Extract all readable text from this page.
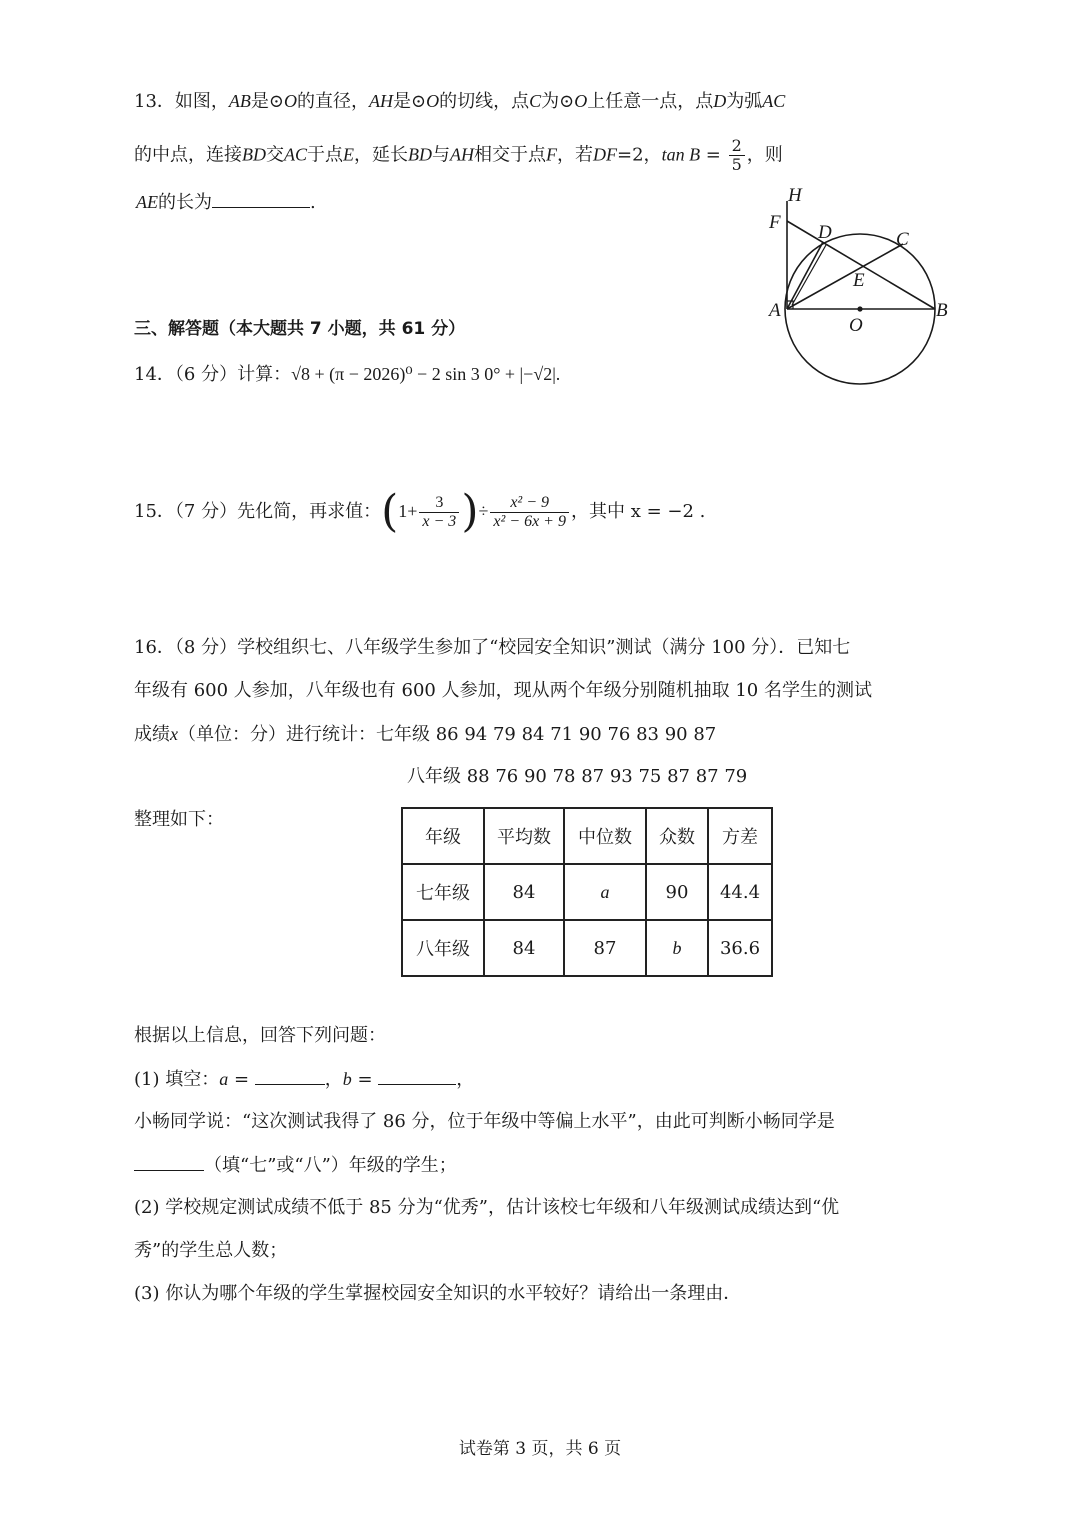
13．如图，AB是⊙O的直径，AH是⊙O的切线，点C为⊙O上任意一点，点D为弧AC
的中点，连接BD交AC于点E，延长BD与AH相交于点F，若DF=2，$\tan B = \frac{2}{5}$ ，则
AE的长为	.	H
F D	C
E
A
O
B
三、解答题（本大题共 7 小题，共 61 分）
14．（6 分）计算：√8 + (π − 2026)⁰ − 2 sin 3 0° + |−√2|.
15．（7 分）先化简，再求值：($1+ \frac{3}{x - 3}$ )÷ $\frac{\text{x² − 9}}{\text{x² − 6x + 9}}$ ，其中 x = −2 .
16．（8 分）学校组织七、八年级学生参加了“校园安全知识”测试（满分 100 分）．已知七
年级有 600 人参加，八年级也有 600 人参加，现从两个年级分别随机抽取 10 名学生的测试
成绩x（单位：分）进行统计：七年级 86 94 79 84 71 90 76 83 90 87
八年级 88 76 90 78 87 93 75 87 87 79
整理如下：
年级	平均数	中位数	众数	方差
七年级	84	a	90	44.4
八年级	84	87	b	36.6
根据以上信息，回答下列问题：
(1) 填空：a =	，b =	，
小畅同学说：“这次测试我得了 86 分，位于年级中等偏上水平”，由此可判断小畅同学是
（填“七”或“八”）年级的学生；
(2) 学校规定测试成绩不低于 85 分为“优秀”，估计该校七年级和八年级测试成绩达到“优
秀”的学生总人数；
(3) 你认为哪个年级的学生掌握校园安全知识的水平较好？请给出一条理由．
试卷第 3 页，共 6 页
